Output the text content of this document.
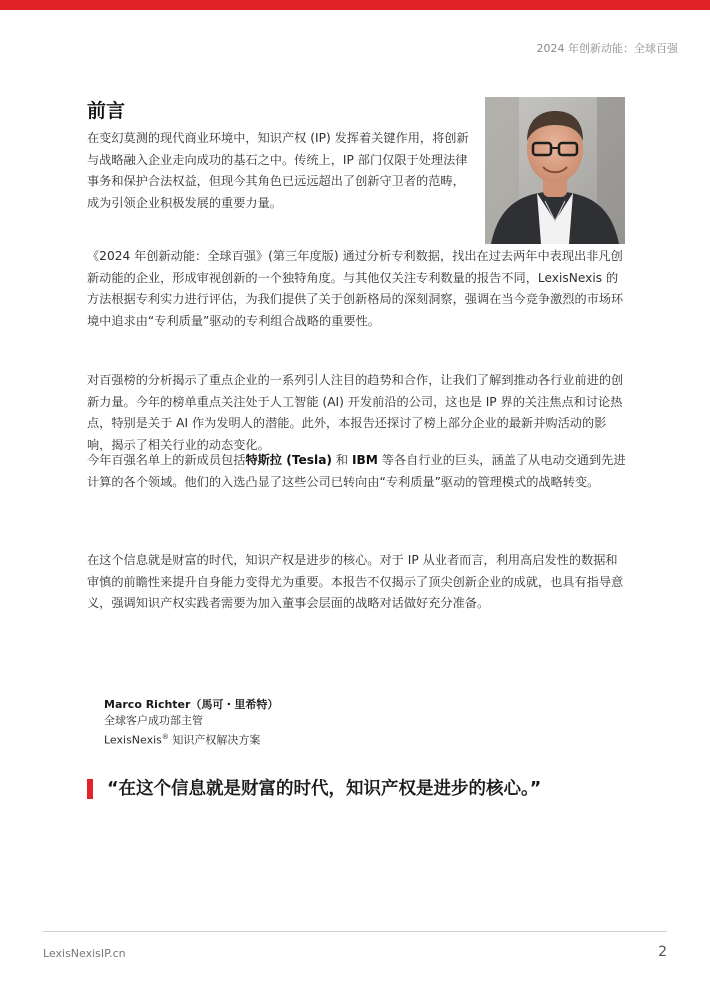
2024 年创新动能：全球百强
前言

在变幻莫测的现代商业环境中，知识产权 (IP) 发挥着关键作用，将创新与战略融入企业走向成功的基石之中。传统上，IP 部门仅限于处理法律事务和保护合法权益，但现今其角色已远远超出了创新守卫者的范畴，成为引领企业积极发展的重要力量。

《2024 年创新动能：全球百强》(第三年度版) 通过分析专利数据，找出在过去两年中表现出非凡创新动能的企业，形成审视创新的一个独特角度。与其他仅关注专利数量的报告不同，LexisNexis 的方法根据专利实力进行评估，为我们提供了关于创新格局的深刻洞察，强调在当今竞争激烈的市场环境中追求由“专利质量”驱动的专利组合战略的重要性。

对百强榜的分析揭示了重点企业的一系列引人注目的趋势和合作，让我们了解到推动各行业前进的创新力量。今年的榜单重点关注处于人工智能 (AI) 开发前沿的公司，这也是 IP 界的关注焦点和讨论热点，特别是关于 AI 作为发明人的潜能。此外，本报告还探讨了榜上部分企业的最新并购活动的影响，揭示了相关行业的动态变化。

今年百强名单上的新成员包括特斯拉 (Tesla) 和 IBM 等各自行业的巨头，涵盖了从电动交通到先进计算的各个领域。他们的入选凸显了这些公司已转向由“专利质量”驱动的管理模式的战略转变。

在这个信息就是财富的时代，知识产权是进步的核心。对于 IP 从业者而言，利用高启发性的数据和审慎的前瞻性来提升自身能力变得尤为重要。本报告不仅揭示了顶尖创新企业的成就，也具有指导意义，强调知识产权实践者需要为加入董事会层面的战略对话做好充分准备。

Marco Richter（馬可・里希特）
全球客户成功部主管
LexisNexis® 知识产权解决方案
“在这个信息就是财富的时代，知识产权是进步的核心。”
LexisNexisIP.cn	2
